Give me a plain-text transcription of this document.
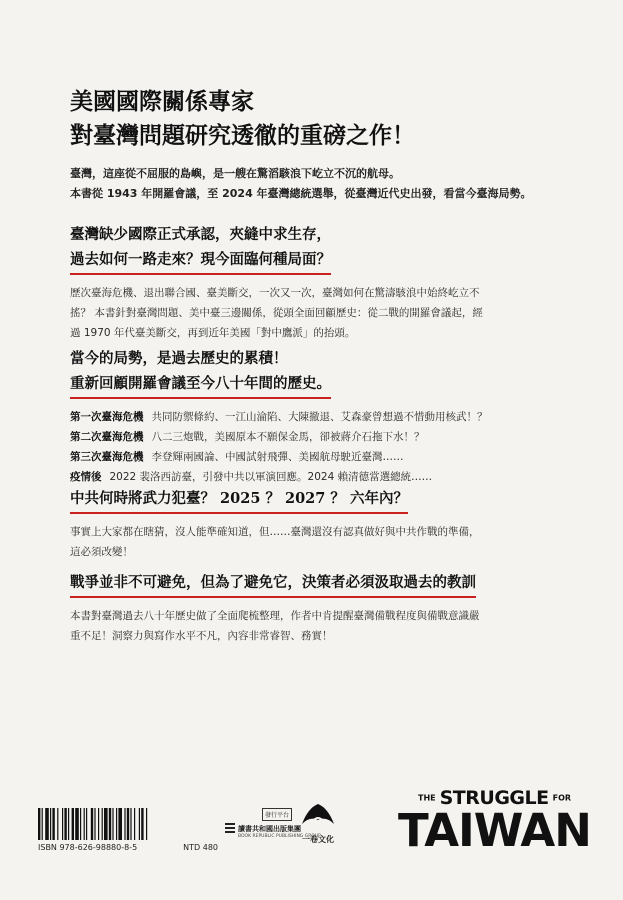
美國國際關係專家
對臺灣問題研究透徹的重磅之作！
臺灣，這座從不屈服的島嶼，是一艘在驚滔駭浪下屹立不沉的航母。
本書從 1943 年開羅會議，至 2024 年臺灣總統選舉，從臺灣近代史出發，看當今臺海局勢。
臺灣缺少國際正式承認，夾縫中求生存，
過去如何一路走來？現今面臨何種局面？
歷次臺海危機、退出聯合國、臺美斷交，一次又一次，臺灣如何在驚濤駭浪中始終屹立不
搖？ 本書針對臺灣問題、美中臺三邊關係，從頭全面回顧歷史：從二戰的開羅會議起，經
過 1970 年代臺美斷交，再到近年美國「對中鷹派」的抬頭。
當今的局勢，是過去歷史的累積！
重新回顧開羅會議至今八十年間的歷史。
第一次臺海危機 共同防禦條約、一江山淪陷、大陳撤退、艾森豪曾想過不惜動用核武！？
第二次臺海危機 八二三炮戰，美國原本不願保金馬，卻被蔣介石拖下水！？
第三次臺海危機 李登輝兩國論、中國試射飛彈、美國航母駛近臺灣……
疫情後 2022 裴洛西訪臺，引發中共以軍演回應。2024 賴清德當選總統……
中共何時將武力犯臺？ 2025 ？ 2027 ？ 六年內？
事實上大家都在瞎猜，沒人能準確知道，但……臺灣還沒有認真做好與中共作戰的準備，
這必須改變！
戰爭並非不可避免，但為了避免它，決策者必須汲取過去的教訓
本書對臺灣過去八十年歷史做了全面爬梳整理，作者中肯提醒臺灣備戰程度與備戰意識嚴
重不足！洞察力與寫作水平不凡，內容非常睿智、務實！
ISBN 978-626-98880-8-5	NTD 480
發行平台
讀書共和國出版集團
BOOK REPUBLIC PUBLISHING GROUP
一卷文化
THE STRUGGLE FOR
TAIWAN
